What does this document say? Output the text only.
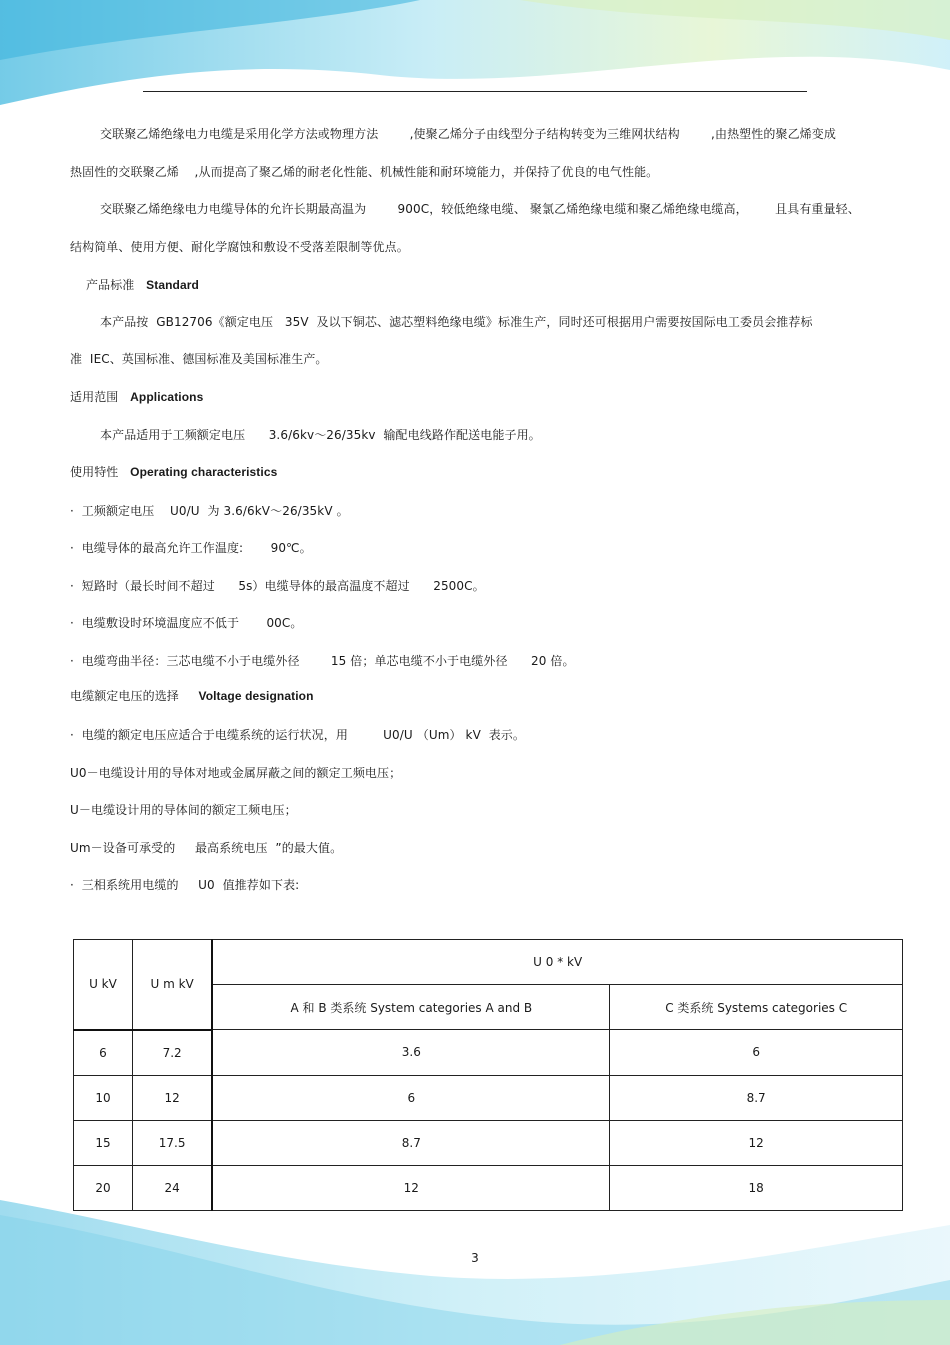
交联聚乙烯绝缘电力电缆是采用化学方法或物理方法        ,使聚乙烯分子由线型分子结构转变为三维网状结构        ,由热塑性的聚乙烯变成
热固性的交联聚乙烯    ,从而提高了聚乙烯的耐老化性能、机械性能和耐环境能力，并保持了优良的电气性能。
交联聚乙烯绝缘电力电缆导体的允许长期最高温为        900C，较低绝缘电缆、 聚氯乙烯绝缘电缆和聚乙烯绝缘电缆高，       且具有重量轻、
结构简单、使用方便、耐化学腐蚀和敷设不受落差限制等优点。
产品标准 Standard
本产品按  GB12706《额定电压   35V  及以下铜芯、滤芯塑料绝缘电缆》标准生产，同时还可根据用户需要按国际电工委员会推荐标
准  IEC、英国标准、德国标准及美国标准生产。
适用范围 Applications
本产品适用于工频额定电压      3.6/6kv～26/35kv  输配电线路作配送电能子用。
使用特性 Operating characteristics
·  工频额定电压    U0/U  为 3.6/6kV～26/35kV 。
·  电缆导体的最高允许工作温度:       90℃。
·  短路时（最长时间不超过      5s）电缆导体的最高温度不超过      2500C。
·  电缆敷设时环境温度应不低于       00C。
·  电缆弯曲半径：三芯电缆不小于电缆外径        15 倍；单芯电缆不小于电缆外径      20 倍。
电缆额定电压的选择 Voltage designation
·  电缆的额定电压应适合于电缆系统的运行状况，用         U0/U （Um） kV  表示。
U0－电缆设计用的导体对地或金属屏蔽之间的额定工频电压；
U－电缆设计用的导体间的额定工频电压；
Um－设备可承受的     最高系统电压  ”的最大值。
·  三相系统用电缆的     U0  值推荐如下表:
U kV	U m kV	U 0 * kV	
		A 和 B 类系统 System categories A and B	C 类系统 Systems categories C
6	7.2	3.6	6
10	12	6	8.7
15	17.5	8.7	12
20	24	12	18
3
